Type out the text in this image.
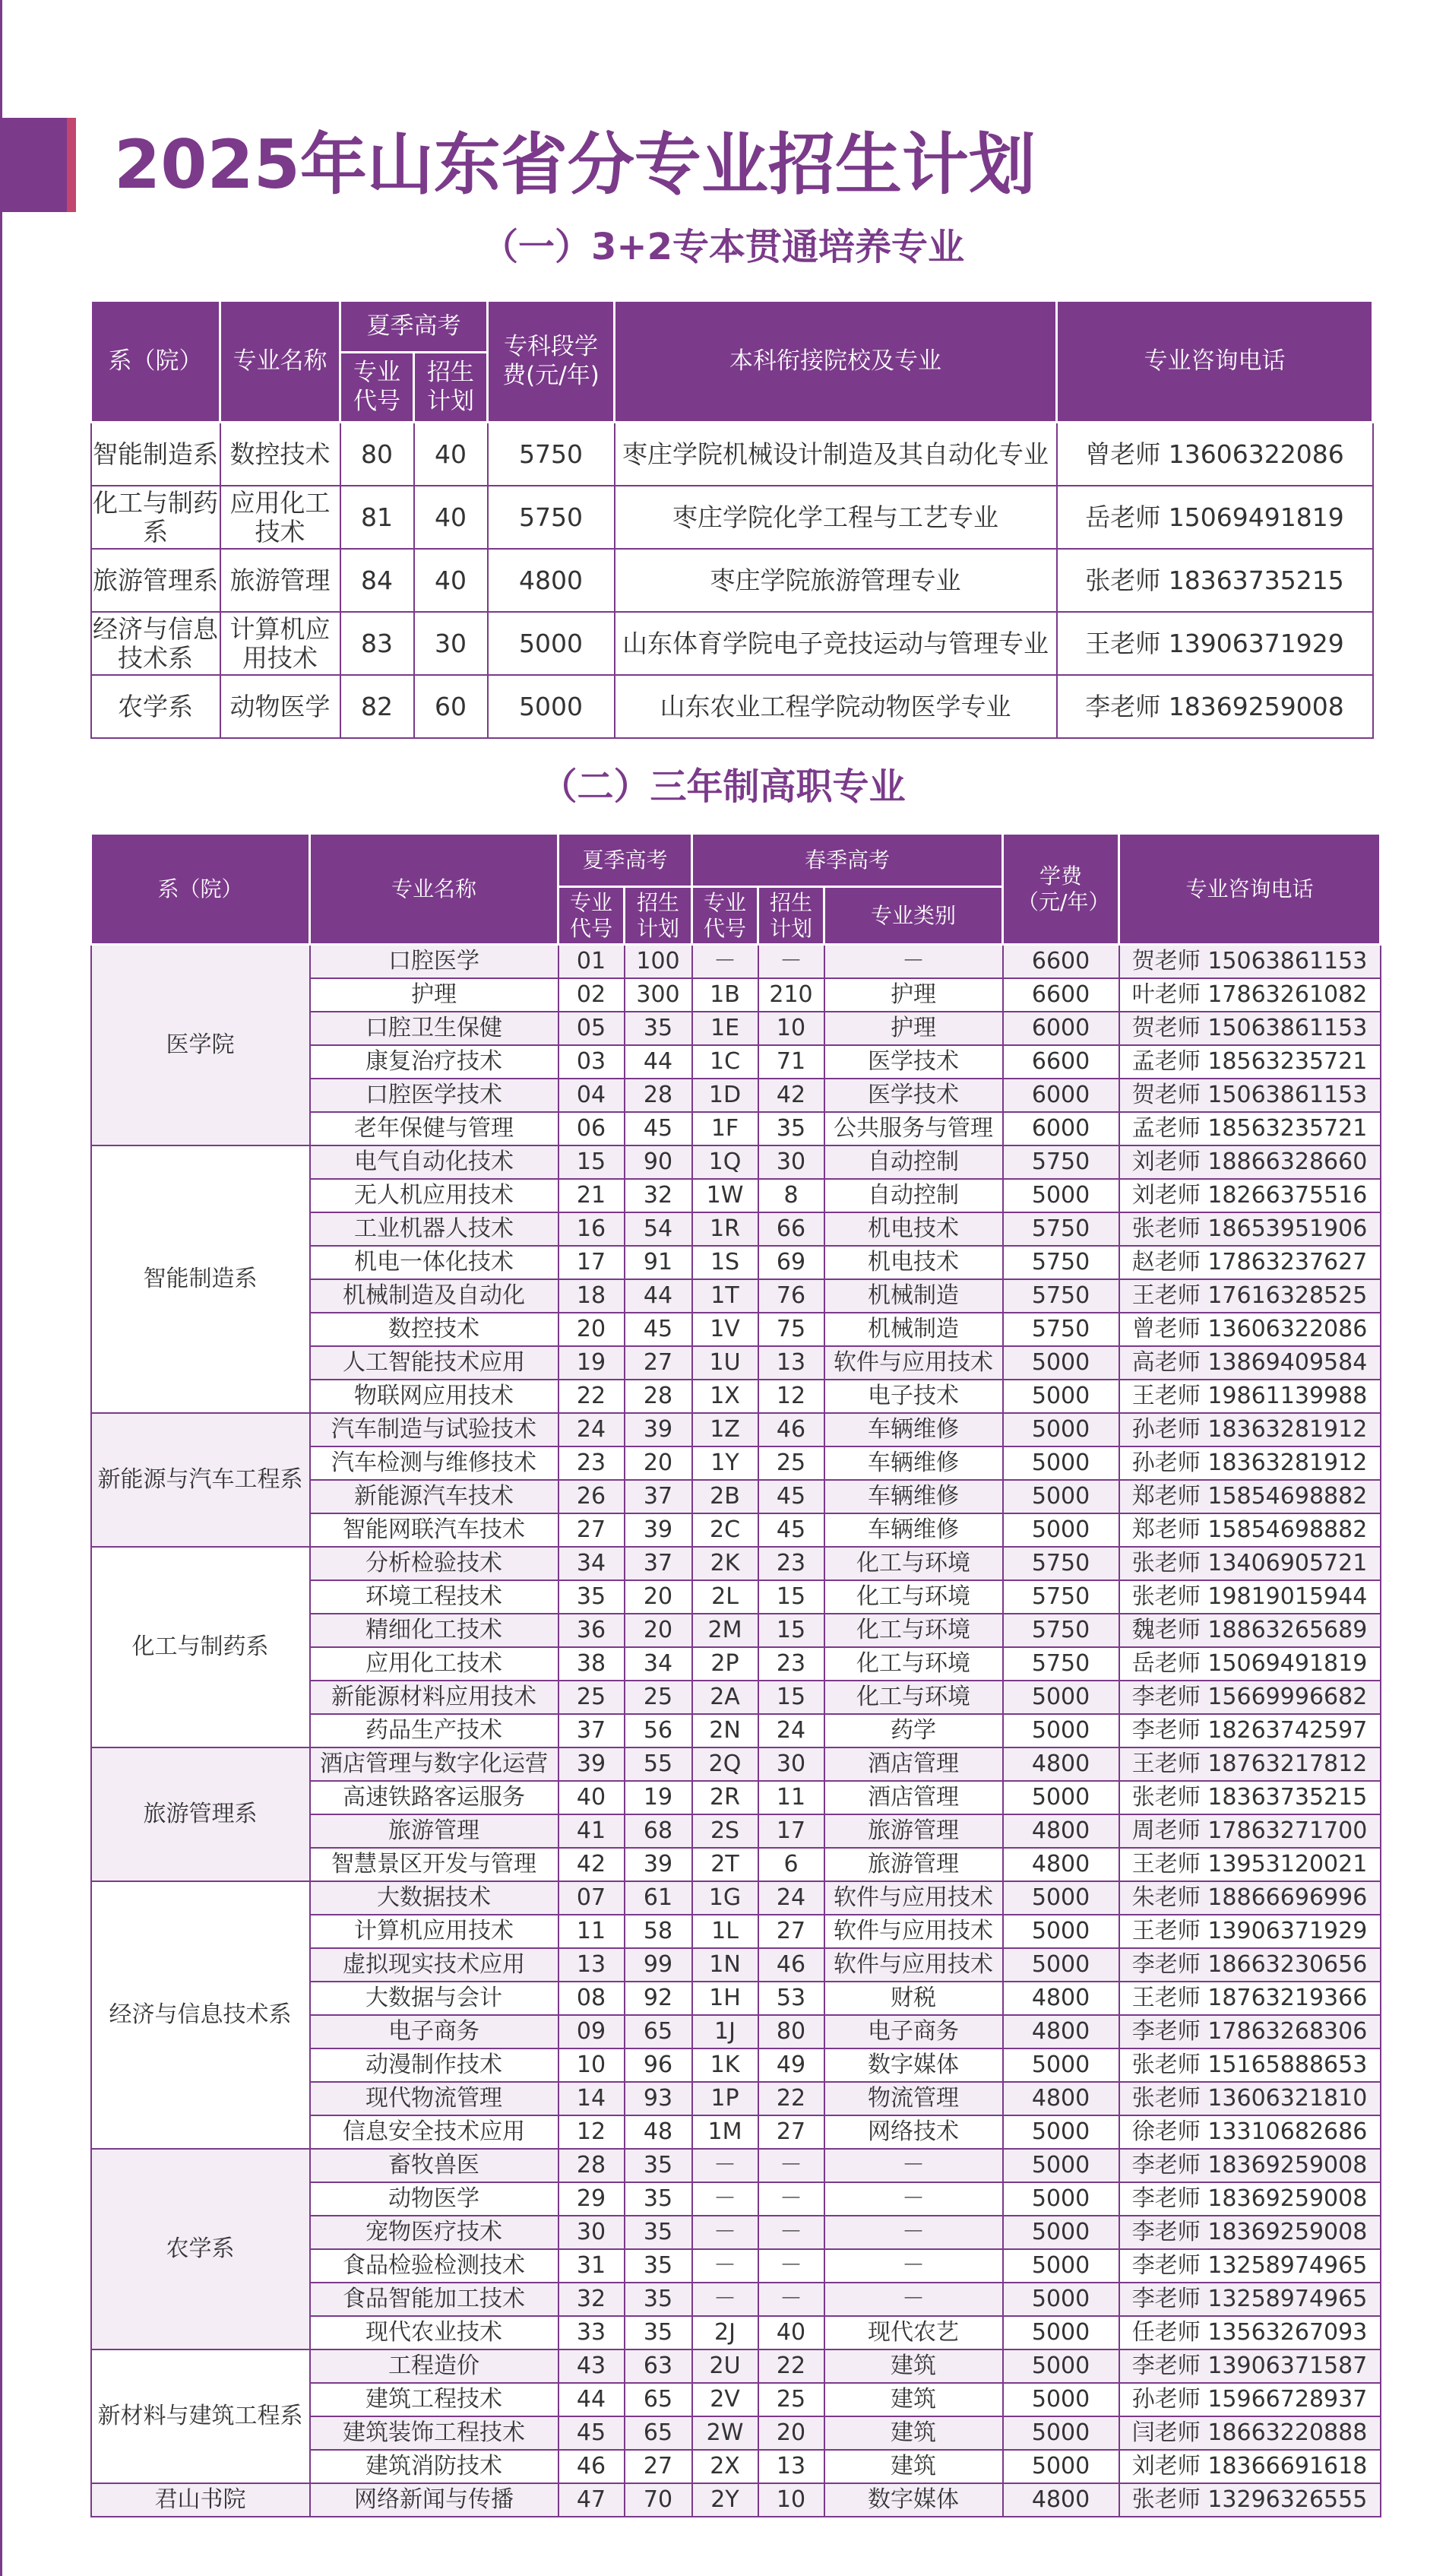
2025年山东省分专业招生计划
（一）3+2专本贯通培养专业
系（院）	专业名称	夏季高考		专科段学费(元/年)	本科衔接院校及专业	专业咨询电话
		专业代号	招生计划			
智能制造系	数控技术	80	40	5750	枣庄学院机械设计制造及其自动化专业	曾老师 13606322086
化工与制药系	应用化工技术	81	40	5750	枣庄学院化学工程与工艺专业	岳老师 15069491819
旅游管理系	旅游管理	84	40	4800	枣庄学院旅游管理专业	张老师 18363735215
经济与信息技术系	计算机应用技术	83	30	5000	山东体育学院电子竞技运动与管理专业	王老师 13906371929
农学系	动物医学	82	60	5000	山东农业工程学院动物医学专业	李老师 18369259008
（二）三年制高职专业
系（院）	专业名称	夏季高考		春季高考			学费（元/年）	专业咨询电话
		专业代号	招生计划	专业代号	招生计划	专业类别		
医学院	口腔医学	01	100	－	－	－	6600	贺老师 15063861153
	护理	02	300	1B	210	护理	6600	叶老师 17863261082
	口腔卫生保健	05	35	1E	10	护理	6000	贺老师 15063861153
	康复治疗技术	03	44	1C	71	医学技术	6600	孟老师 18563235721
	口腔医学技术	04	28	1D	42	医学技术	6000	贺老师 15063861153
	老年保健与管理	06	45	1F	35	公共服务与管理	6000	孟老师 18563235721
智能制造系	电气自动化技术	15	90	1Q	30	自动控制	5750	刘老师 18866328660
	无人机应用技术	21	32	1W	8	自动控制	5000	刘老师 18266375516
	工业机器人技术	16	54	1R	66	机电技术	5750	张老师 18653951906
	机电一体化技术	17	91	1S	69	机电技术	5750	赵老师 17863237627
	机械制造及自动化	18	44	1T	76	机械制造	5750	王老师 17616328525
	数控技术	20	45	1V	75	机械制造	5750	曾老师 13606322086
	人工智能技术应用	19	27	1U	13	软件与应用技术	5000	高老师 13869409584
	物联网应用技术	22	28	1X	12	电子技术	5000	王老师 19861139988
新能源与汽车工程系	汽车制造与试验技术	24	39	1Z	46	车辆维修	5000	孙老师 18363281912
	汽车检测与维修技术	23	20	1Y	25	车辆维修	5000	孙老师 18363281912
	新能源汽车技术	26	37	2B	45	车辆维修	5000	郑老师 15854698882
	智能网联汽车技术	27	39	2C	45	车辆维修	5000	郑老师 15854698882
化工与制药系	分析检验技术	34	37	2K	23	化工与环境	5750	张老师 13406905721
	环境工程技术	35	20	2L	15	化工与环境	5750	张老师 19819015944
	精细化工技术	36	20	2M	15	化工与环境	5750	魏老师 18863265689
	应用化工技术	38	34	2P	23	化工与环境	5750	岳老师 15069491819
	新能源材料应用技术	25	25	2A	15	化工与环境	5000	李老师 15669996682
	药品生产技术	37	56	2N	24	药学	5000	李老师 18263742597
旅游管理系	酒店管理与数字化运营	39	55	2Q	30	酒店管理	4800	王老师 18763217812
	高速铁路客运服务	40	19	2R	11	酒店管理	5000	张老师 18363735215
	旅游管理	41	68	2S	17	旅游管理	4800	周老师 17863271700
	智慧景区开发与管理	42	39	2T	6	旅游管理	4800	王老师 13953120021
经济与信息技术系	大数据技术	07	61	1G	24	软件与应用技术	5000	朱老师 18866696996
	计算机应用技术	11	58	1L	27	软件与应用技术	5000	王老师 13906371929
	虚拟现实技术应用	13	99	1N	46	软件与应用技术	5000	李老师 18663230656
	大数据与会计	08	92	1H	53	财税	4800	王老师 18763219366
	电子商务	09	65	1J	80	电子商务	4800	李老师 17863268306
	动漫制作技术	10	96	1K	49	数字媒体	5000	张老师 15165888653
	现代物流管理	14	93	1P	22	物流管理	4800	张老师 13606321810
	信息安全技术应用	12	48	1M	27	网络技术	5000	徐老师 13310682686
农学系	畜牧兽医	28	35	－	－	－	5000	李老师 18369259008
	动物医学	29	35	－	－	－	5000	李老师 18369259008
	宠物医疗技术	30	35	－	－	－	5000	李老师 18369259008
	食品检验检测技术	31	35	－	－	－	5000	李老师 13258974965
	食品智能加工技术	32	35	－	－	－	5000	李老师 13258974965
	现代农业技术	33	35	2J	40	现代农艺	5000	任老师 13563267093
新材料与建筑工程系	工程造价	43	63	2U	22	建筑	5000	李老师 13906371587
	建筑工程技术	44	65	2V	25	建筑	5000	孙老师 15966728937
	建筑装饰工程技术	45	65	2W	20	建筑	5000	闫老师 18663220888
	建筑消防技术	46	27	2X	13	建筑	5000	刘老师 18366691618
君山书院	网络新闻与传播	47	70	2Y	10	数字媒体	4800	张老师 13296326555
